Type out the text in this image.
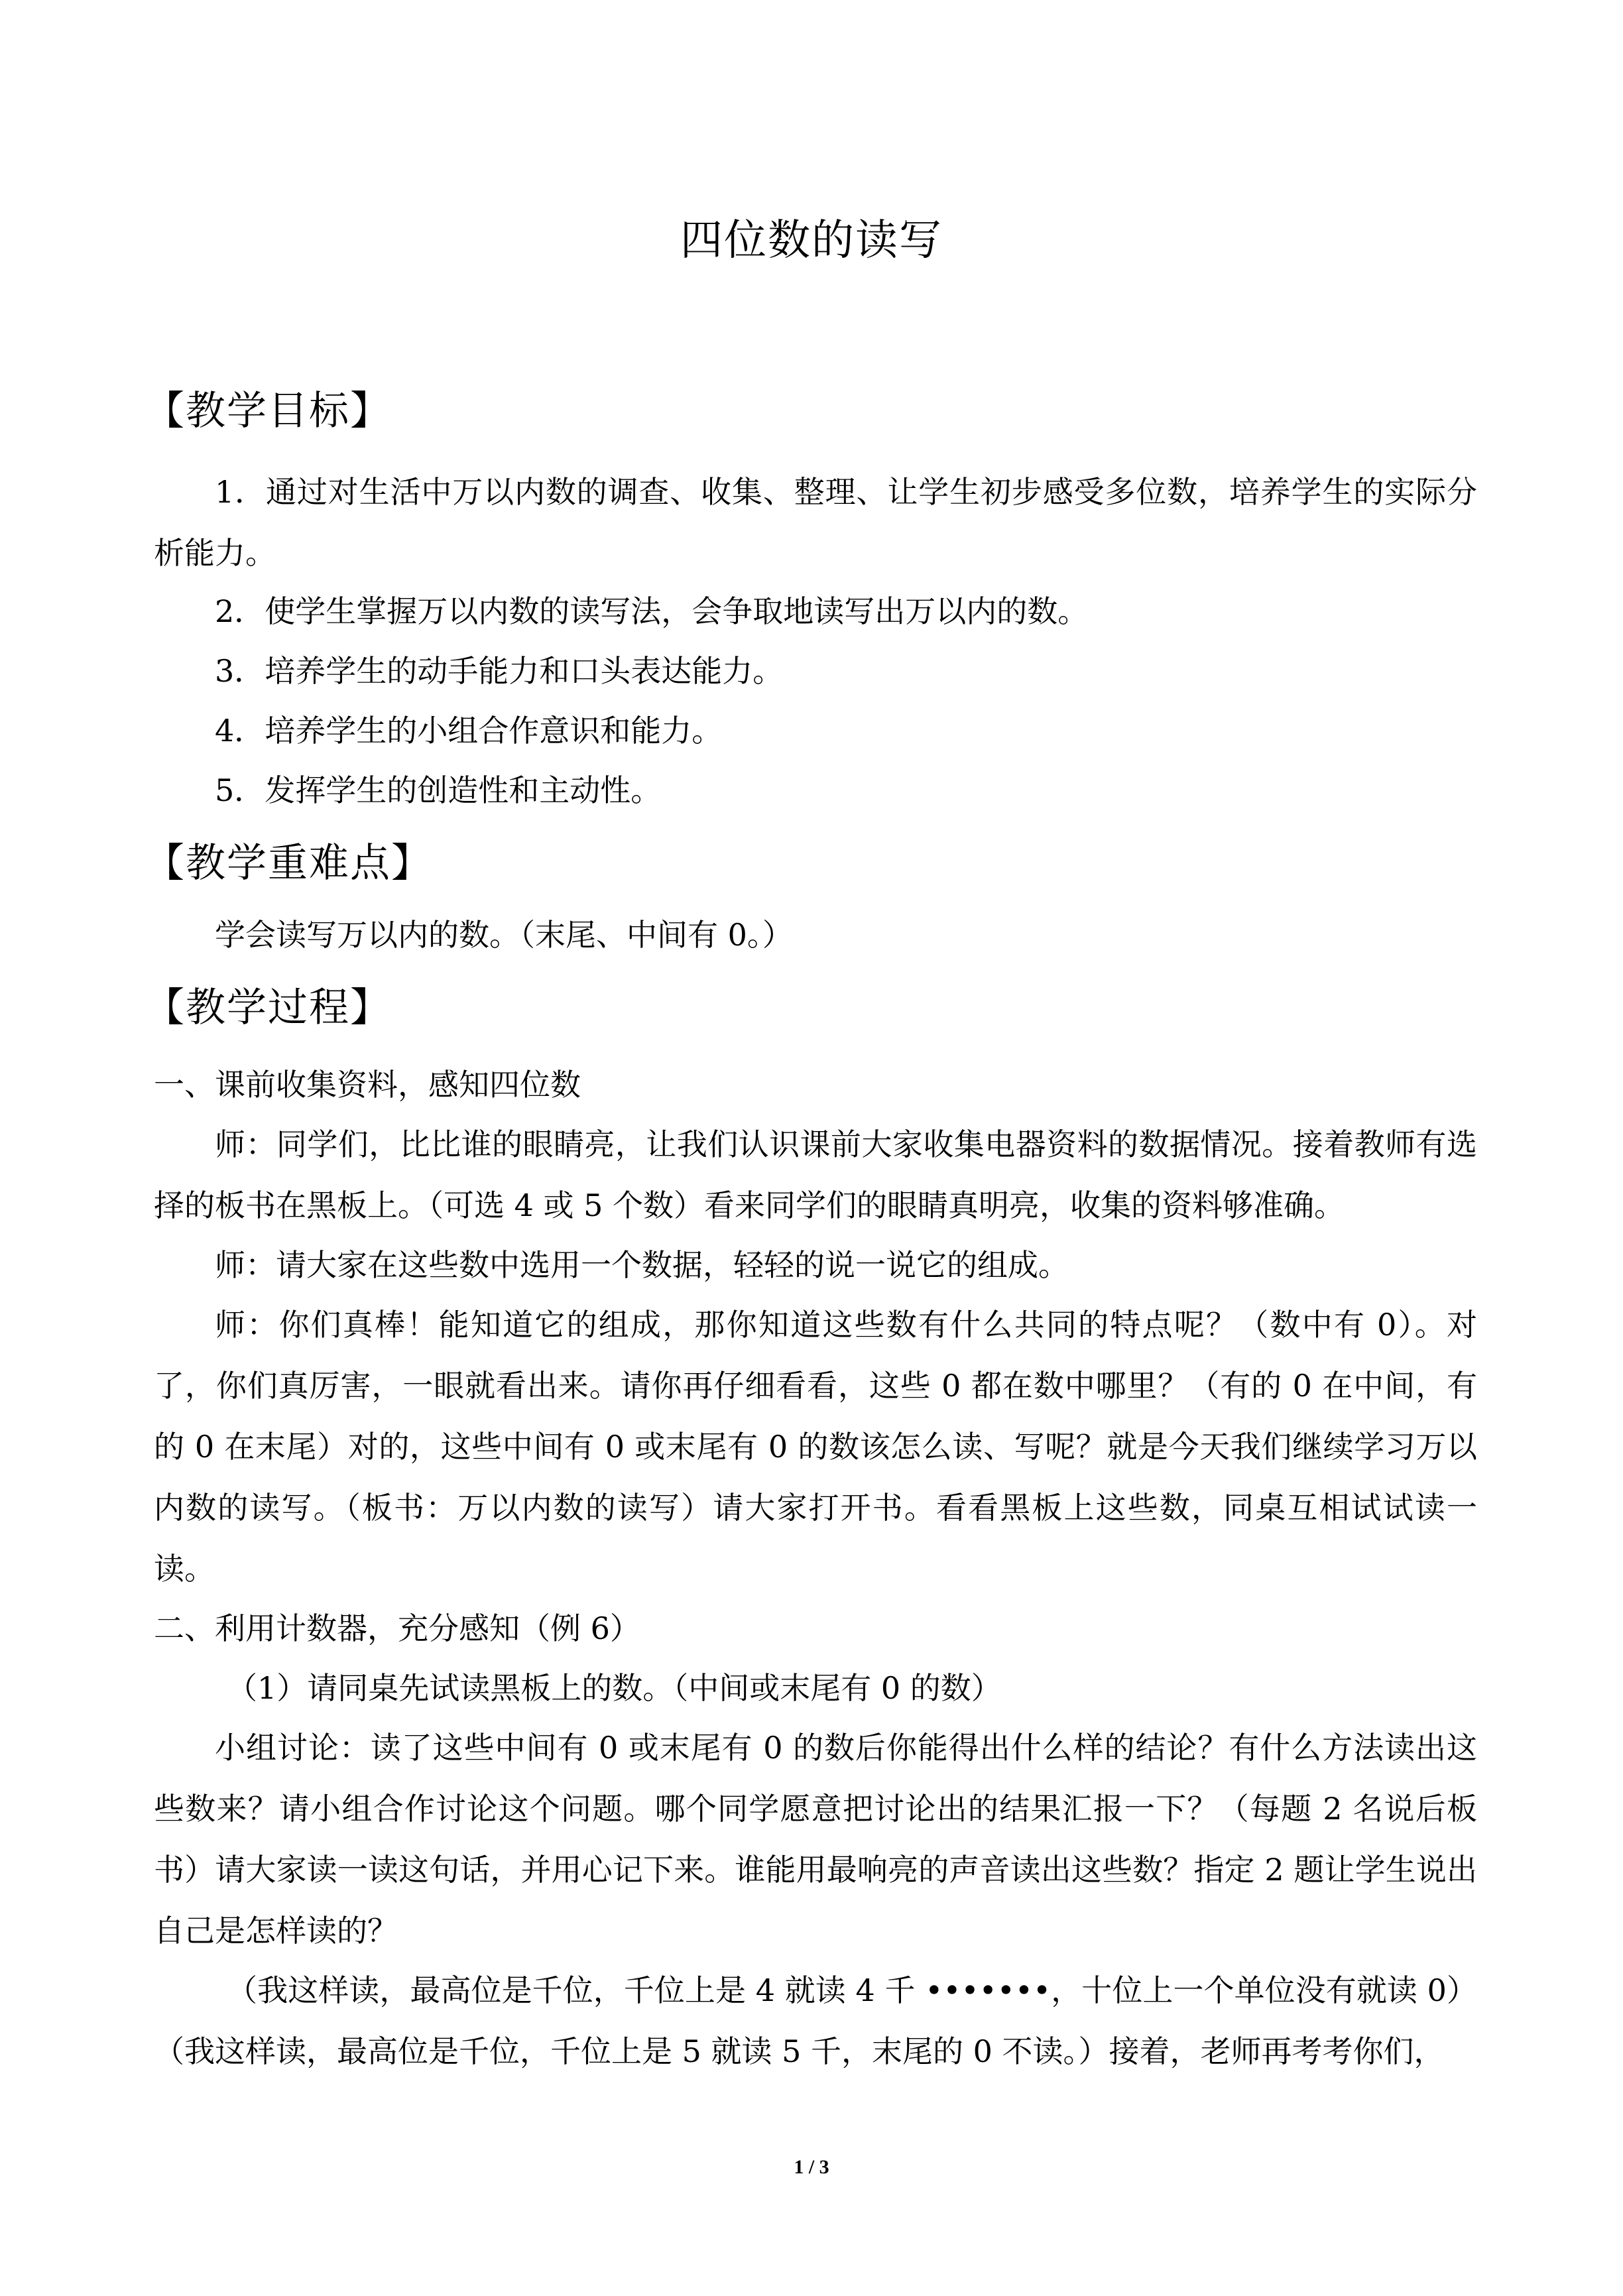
四位数的读写
【教学目标】

1．通过对生活中万以内数的调查、收集、整理、让学生初步感受多位数，培养学生的实际分析能力。

2．使学生掌握万以内数的读写法，会争取地读写出万以内的数。

3．培养学生的动手能力和口头表达能力。

4．培养学生的小组合作意识和能力。

5．发挥学生的创造性和主动性。

【教学重难点】

学会读写万以内的数。（末尾、中间有 0。）

【教学过程】

一、课前收集资料，感知四位数

师：同学们，比比谁的眼睛亮，让我们认识课前大家收集电器资料的数据情况。接着教师有选择的板书在黑板上。（可选 4 或 5 个数）看来同学们的眼睛真明亮，收集的资料够准确。

师：请大家在这些数中选用一个数据，轻轻的说一说它的组成。

师：你们真棒！能知道它的组成，那你知道这些数有什么共同的特点呢？（数中有 0）。对了，你们真厉害，一眼就看出来。请你再仔细看看，这些 0 都在数中哪里？（有的 0 在中间，有的 0 在末尾）对的，这些中间有 0 或末尾有 0 的数该怎么读、写呢？就是今天我们继续学习万以内数的读写。（板书：万以内数的读写）请大家打开书。看看黑板上这些数，同桌互相试试读一读。

二、利用计数器，充分感知（例 6）

（1）请同桌先试读黑板上的数。（中间或末尾有 0 的数）

小组讨论：读了这些中间有 0 或末尾有 0 的数后你能得出什么样的结论？有什么方法读出这些数来？请小组合作讨论这个问题。哪个同学愿意把讨论出的结果汇报一下？（每题 2 名说后板书）请大家读一读这句话，并用心记下来。谁能用最响亮的声音读出这些数？指定 2 题让学生说出自己是怎样读的？

（我这样读，最高位是千位，千位上是 4 就读 4 千 •••••••，十位上一个单位没有就读 0）（我这样读，最高位是千位，千位上是 5 就读 5 千，末尾的 0 不读。）接着，老师再考考你们，

1 / 3
